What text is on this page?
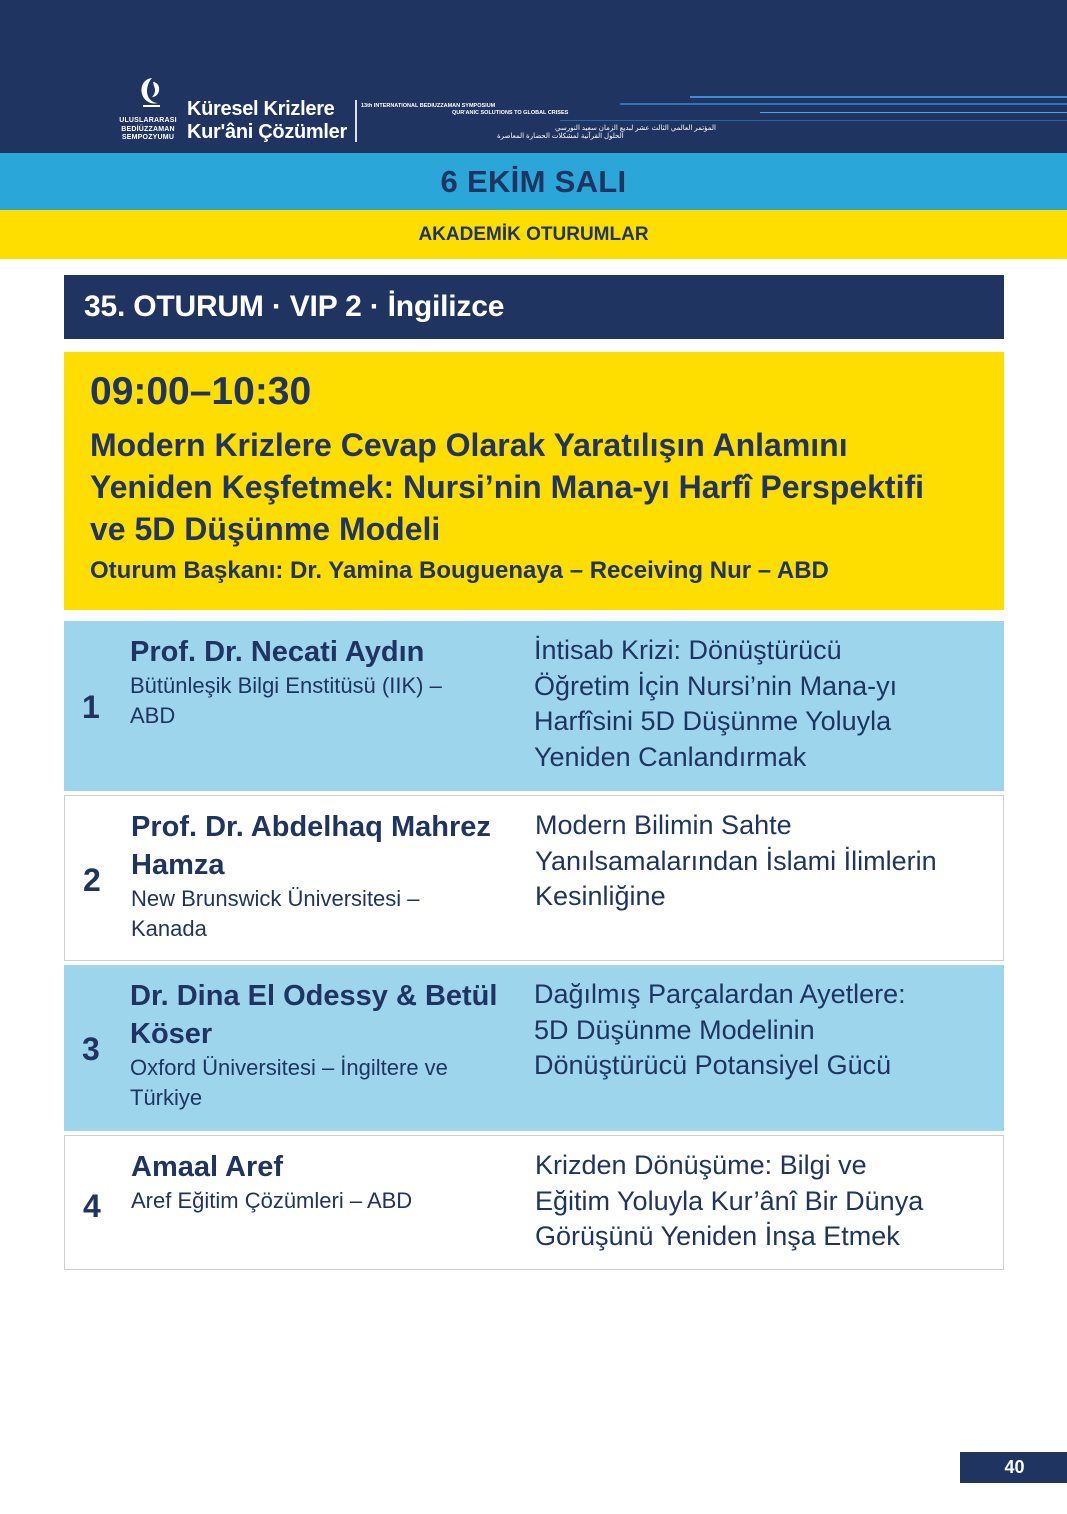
ULUSLARARASI
BEDİÜZZAMAN
SEMPOZYUMU
Küresel Krizlere
Kur'âni Çözümler
13th INTERNATIONAL BEDIUZZAMAN SYMPOSIUM
QUR'ANIC SOLUTIONS TO GLOBAL CRISES
المؤتمر العالمي الثالث عشر لبديع الزمان سعيد النورسي
الحلول القرآنية لمشكلات الحضارة المعاصرة
6 EKİM SALI
AKADEMİK OTURUMLAR
35. OTURUM · VIP 2 · İngilizce
09:00–10:30
Modern Krizlere Cevap Olarak Yaratılışın Anlamını
Yeniden Keşfetmek: Nursi’nin Mana-yı Harfî Perspektifi
ve 5D Düşünme Modeli
Oturum Başkanı: Dr. Yamina Bouguenaya – Receiving Nur – ABD
1
Prof. Dr. Necati Aydın
Bütünleşik Bilgi Enstitüsü (IIK) –
ABD
İntisab Krizi: Dönüştürücü
Öğretim İçin Nursi’nin Mana-yı
Harfîsini 5D Düşünme Yoluyla
Yeniden Canlandırmak
2
Prof. Dr. Abdelhaq Mahrez
Hamza
New Brunswick Üniversitesi –
Kanada
Modern Bilimin Sahte
Yanılsamalarından İslami İlimlerin
Kesinliğine
3
Dr. Dina El Odessy & Betül
Köser
Oxford Üniversitesi – İngiltere ve
Türkiye
Dağılmış Parçalardan Ayetlere:
5D Düşünme Modelinin
Dönüştürücü Potansiyel Gücü
4
Amaal Aref
Aref Eğitim Çözümleri – ABD
Krizden Dönüşüme: Bilgi ve
Eğitim Yoluyla Kur’ânî Bir Dünya
Görüşünü Yeniden İnşa Etmek
40
